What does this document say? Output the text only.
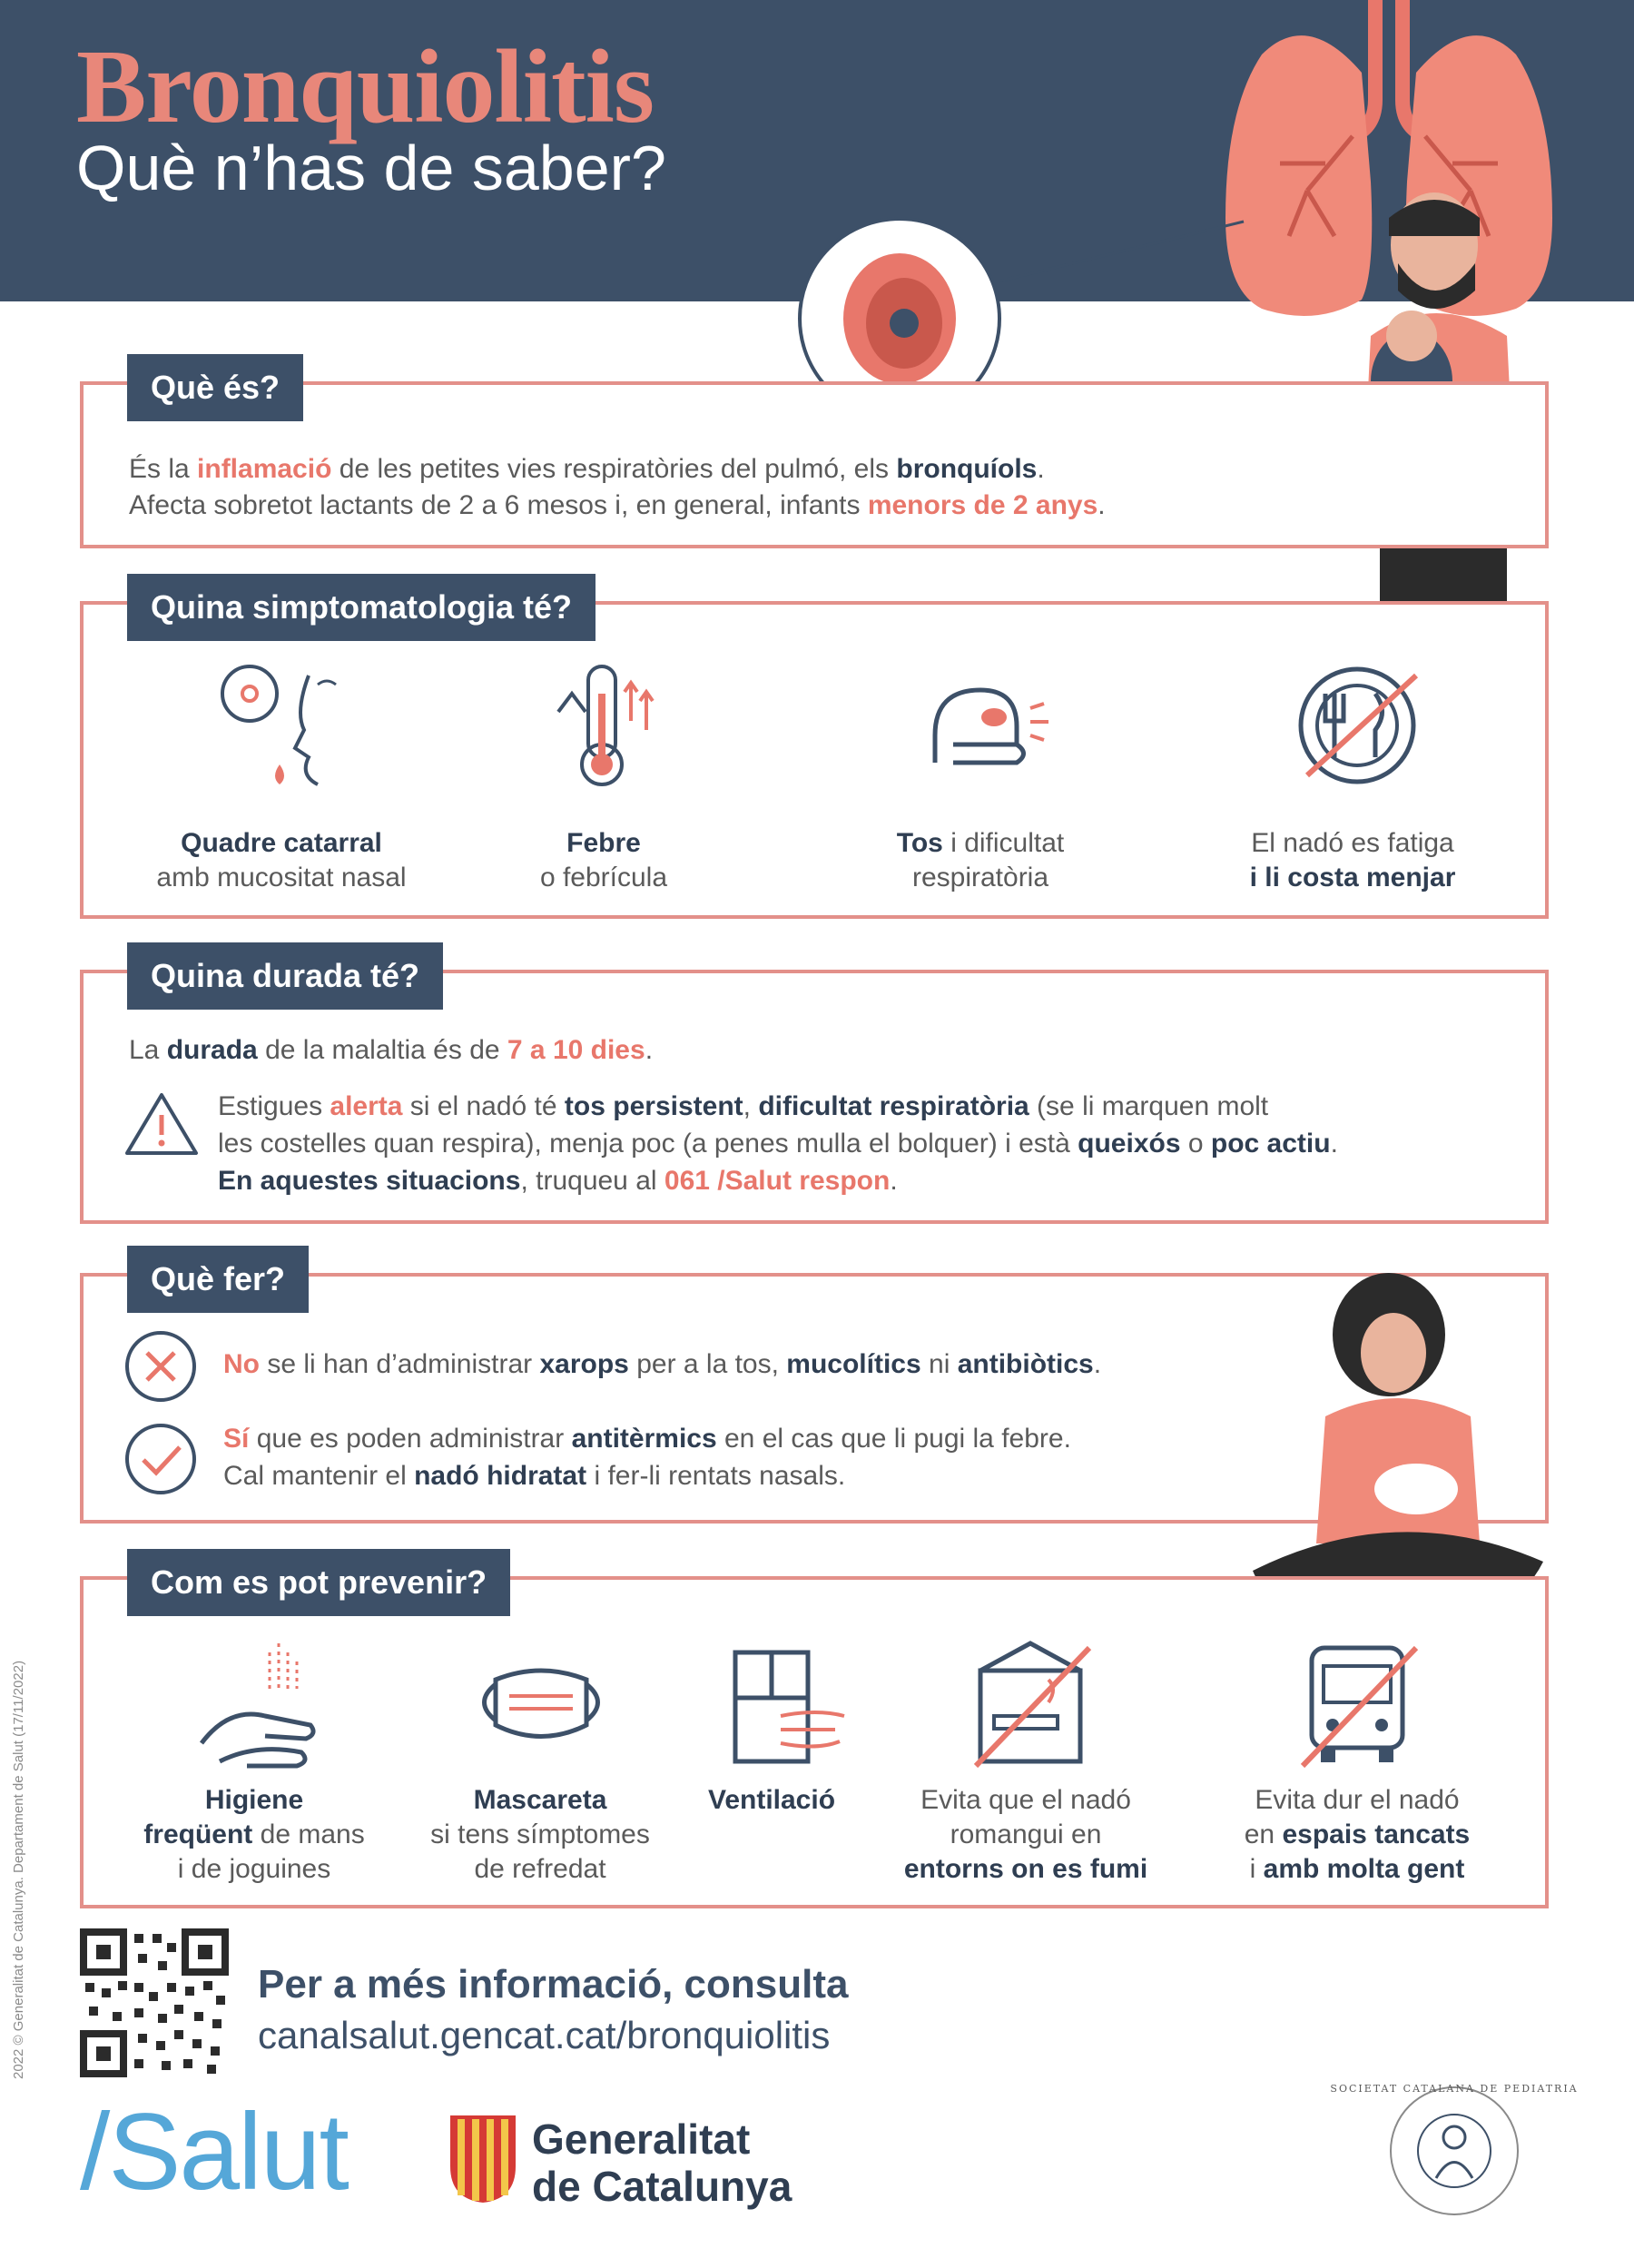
Bronquiolitis
Què n’has de saber?
Què és?
És la inflamació de les petites vies respiratòries del pulmó, els bronquíols.
Afecta sobretot lactants de 2 a 6 mesos i, en general, infants menors de 2 anys.
Quina simptomatologia té?
Quadre catarral
amb mucositat nasal
Febre
o febrícula
Tos i dificultat
respiratòria
El nadó es fatiga
i li costa menjar
Quina durada té?
La durada de la malaltia és de 7 a 10 dies.
Estigues alerta si el nadó té tos persistent, dificultat respiratòria (se li marquen molt
les costelles quan respira), menja poc (a penes mulla el bolquer) i està queixós o poc actiu.
En aquestes situacions, truqueu al 061 /Salut respon.
Què fer?
No se li han d’administrar xarops per a la tos, mucolítics ni antibiòtics.
Sí que es poden administrar antitèrmics en el cas que li pugi la febre.
Cal mantenir el nadó hidratat i fer-li rentats nasals.
Com es pot prevenir?
Higiene
freqüent de mans
i de joguines
Mascareta
si tens símptomes
de refredat
Ventilació	Evita que el nadó
romangui en
entorns on es fumi
Evita dur el nadó
en espais tancats
i amb molta gent
Per a més informació, consulta
canalsalut.gencat.cat/bronquiolitis
/Salut	Generalitat
de Catalunya
SOCIETAT CATALANA DE PEDIATRIA
2022 © Generalitat de Catalunya. Departament de Salut (17/11/2022)
